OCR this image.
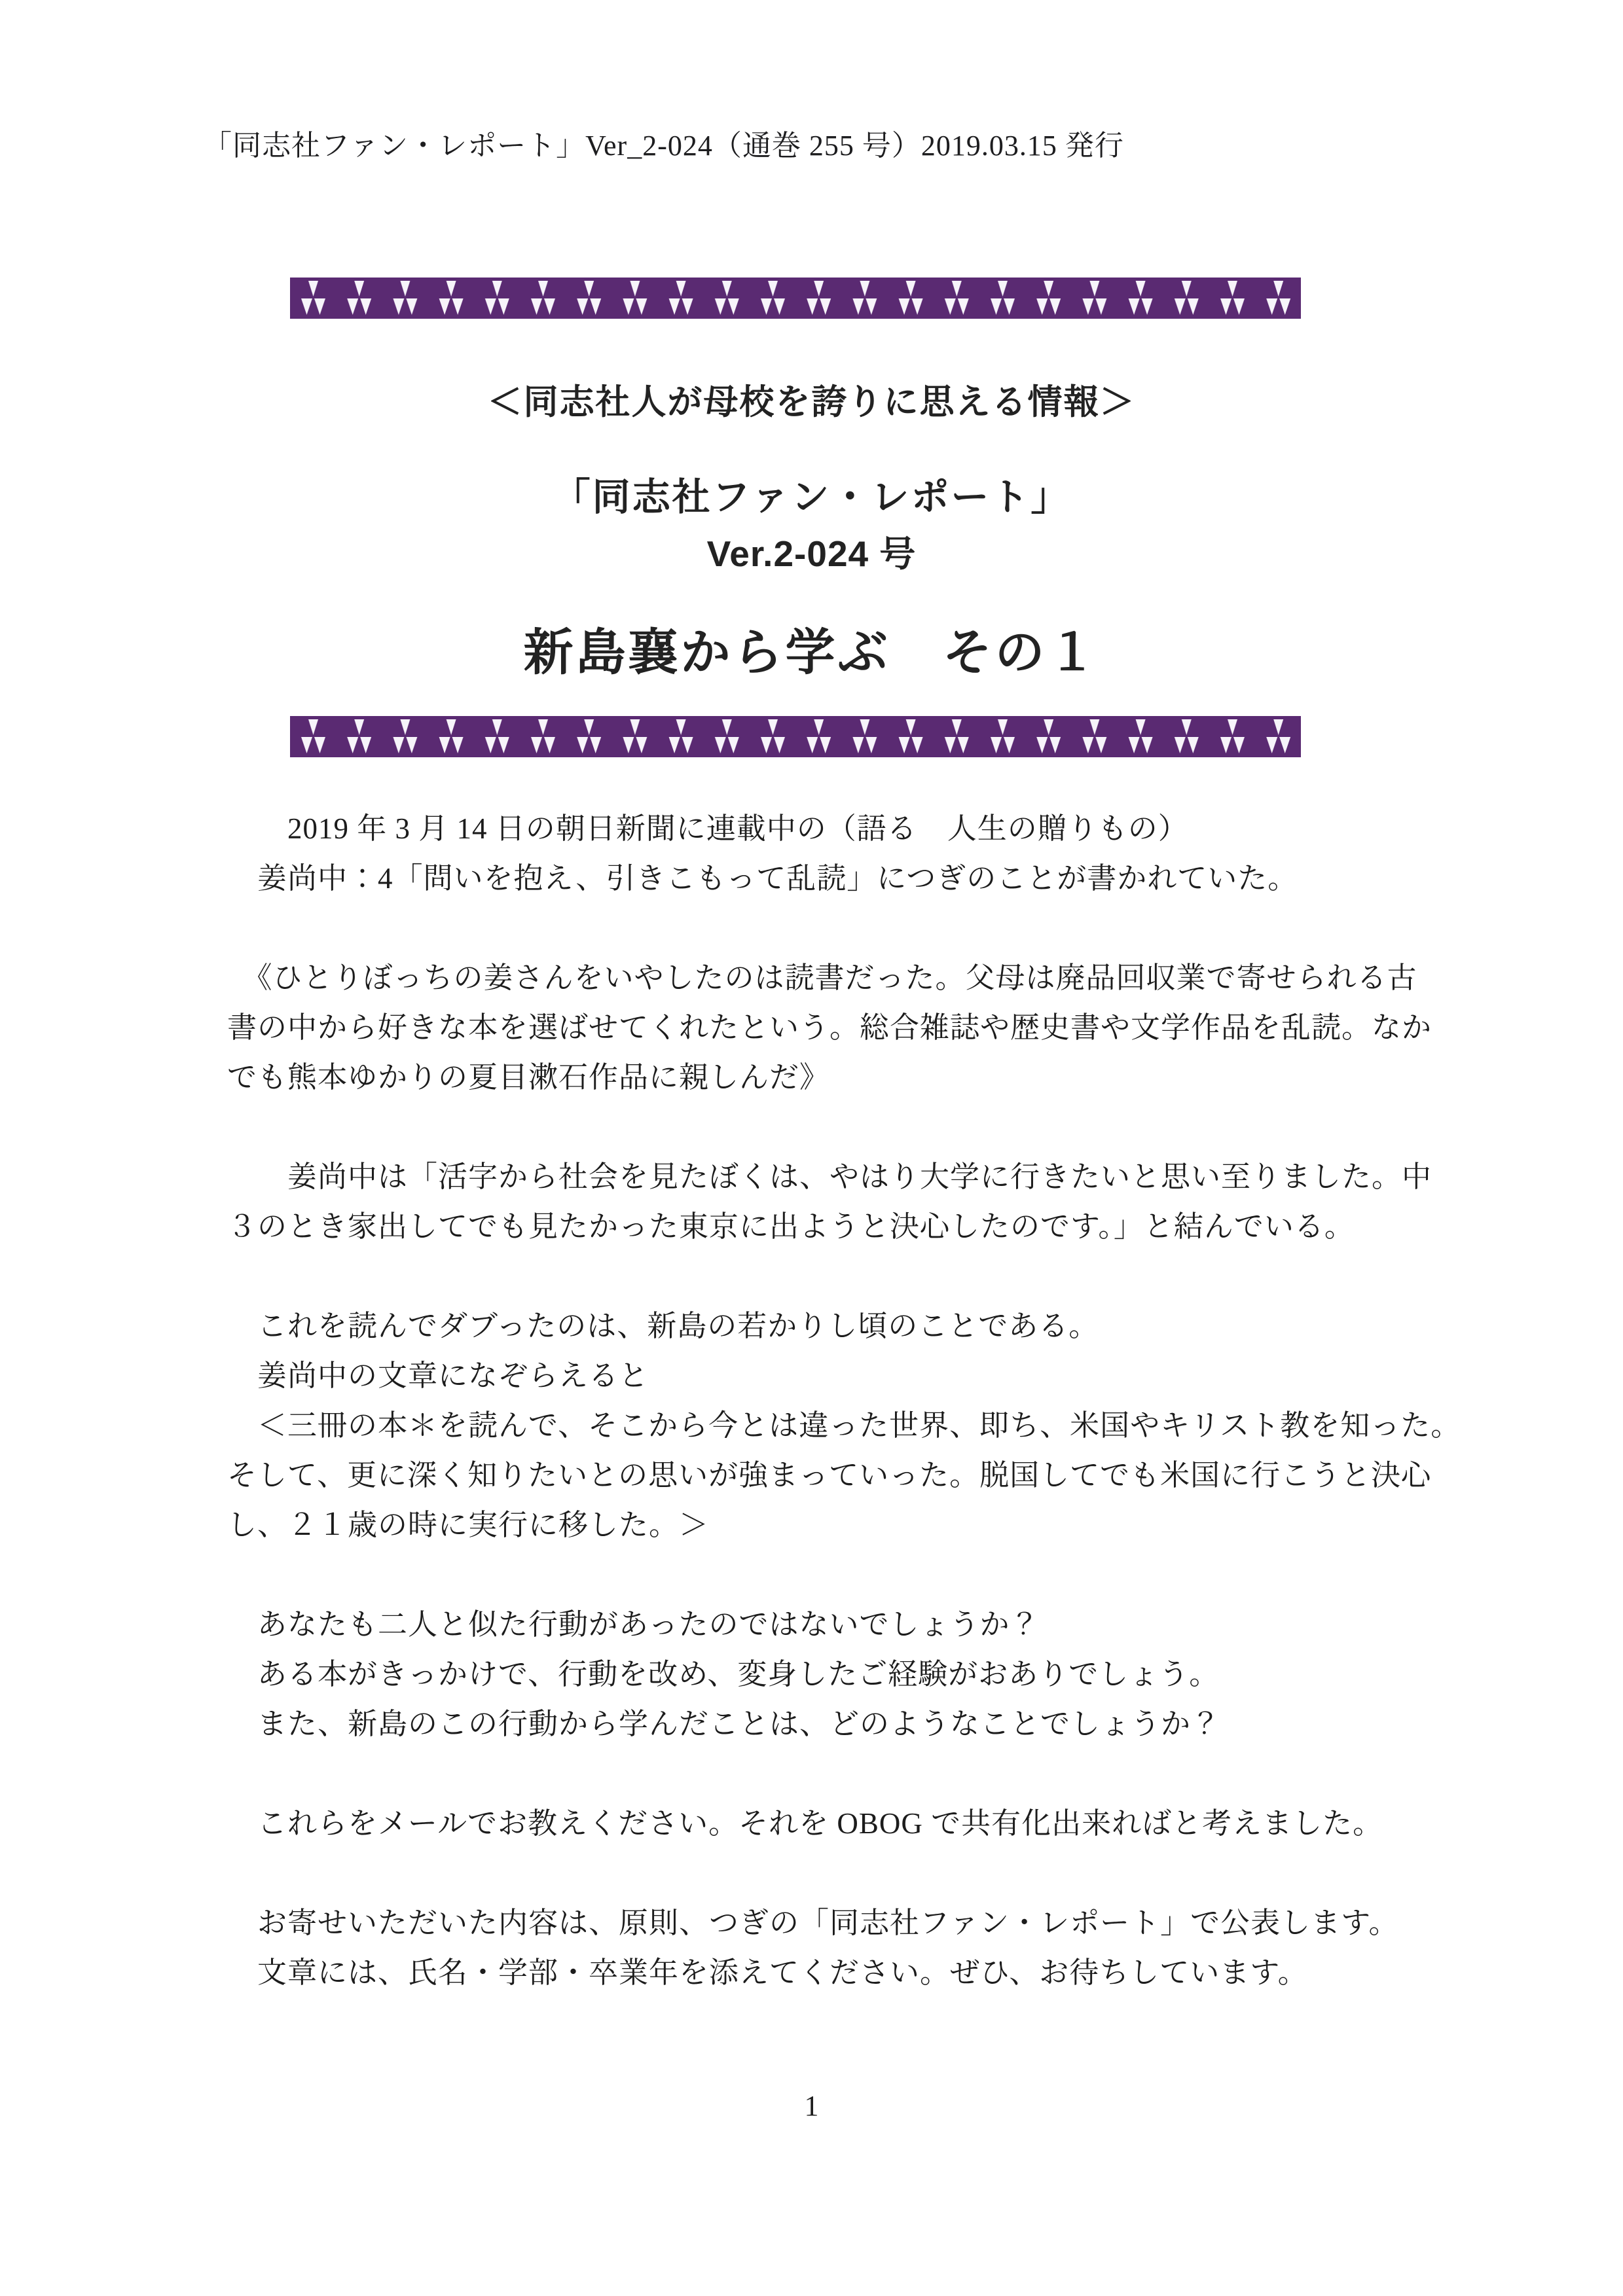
「同志社ファン・レポート」Ver_2-024（通巻 255 号）2019.03.15 発行
＜同志社人が母校を誇りに思える情報＞
「同志社ファン・レポート」
Ver.2-024 号
新島襄から学ぶ　その１
　　2019 年 3 月 14 日の朝日新聞に連載中の（語る　人生の贈りもの）
　姜尚中：4「問いを抱え、引きこもって乱読」につぎのことが書かれていた。
　《ひとりぼっちの姜さんをいやしたのは読書だった。父母は廃品回収業で寄せられる古
書の中から好きな本を選ばせてくれたという。総合雑誌や歴史書や文学作品を乱読。なか
でも熊本ゆかりの夏目漱石作品に親しんだ》
　　姜尚中は「活字から社会を見たぼくは、やはり大学に行きたいと思い至りました。中
３のとき家出してでも見たかった東京に出ようと決心したのです。」と結んでいる。
　これを読んでダブったのは、新島の若かりし頃のことである。
　姜尚中の文章になぞらえると
　＜三冊の本＊を読んで、そこから今とは違った世界、即ち、米国やキリスト教を知った。
そして、更に深く知りたいとの思いが強まっていった。脱国してでも米国に行こうと決心
し、２１歳の時に実行に移した。＞
　あなたも二人と似た行動があったのではないでしょうか？
　ある本がきっかけで、行動を改め、変身したご経験がおありでしょう。
　また、新島のこの行動から学んだことは、どのようなことでしょうか？
　これらをメールでお教えください。それを OBOG で共有化出来ればと考えました。
　お寄せいただいた内容は、原則、つぎの「同志社ファン・レポート」で公表します。
　文章には、氏名・学部・卒業年を添えてください。ぜひ、お待ちしています。
1
